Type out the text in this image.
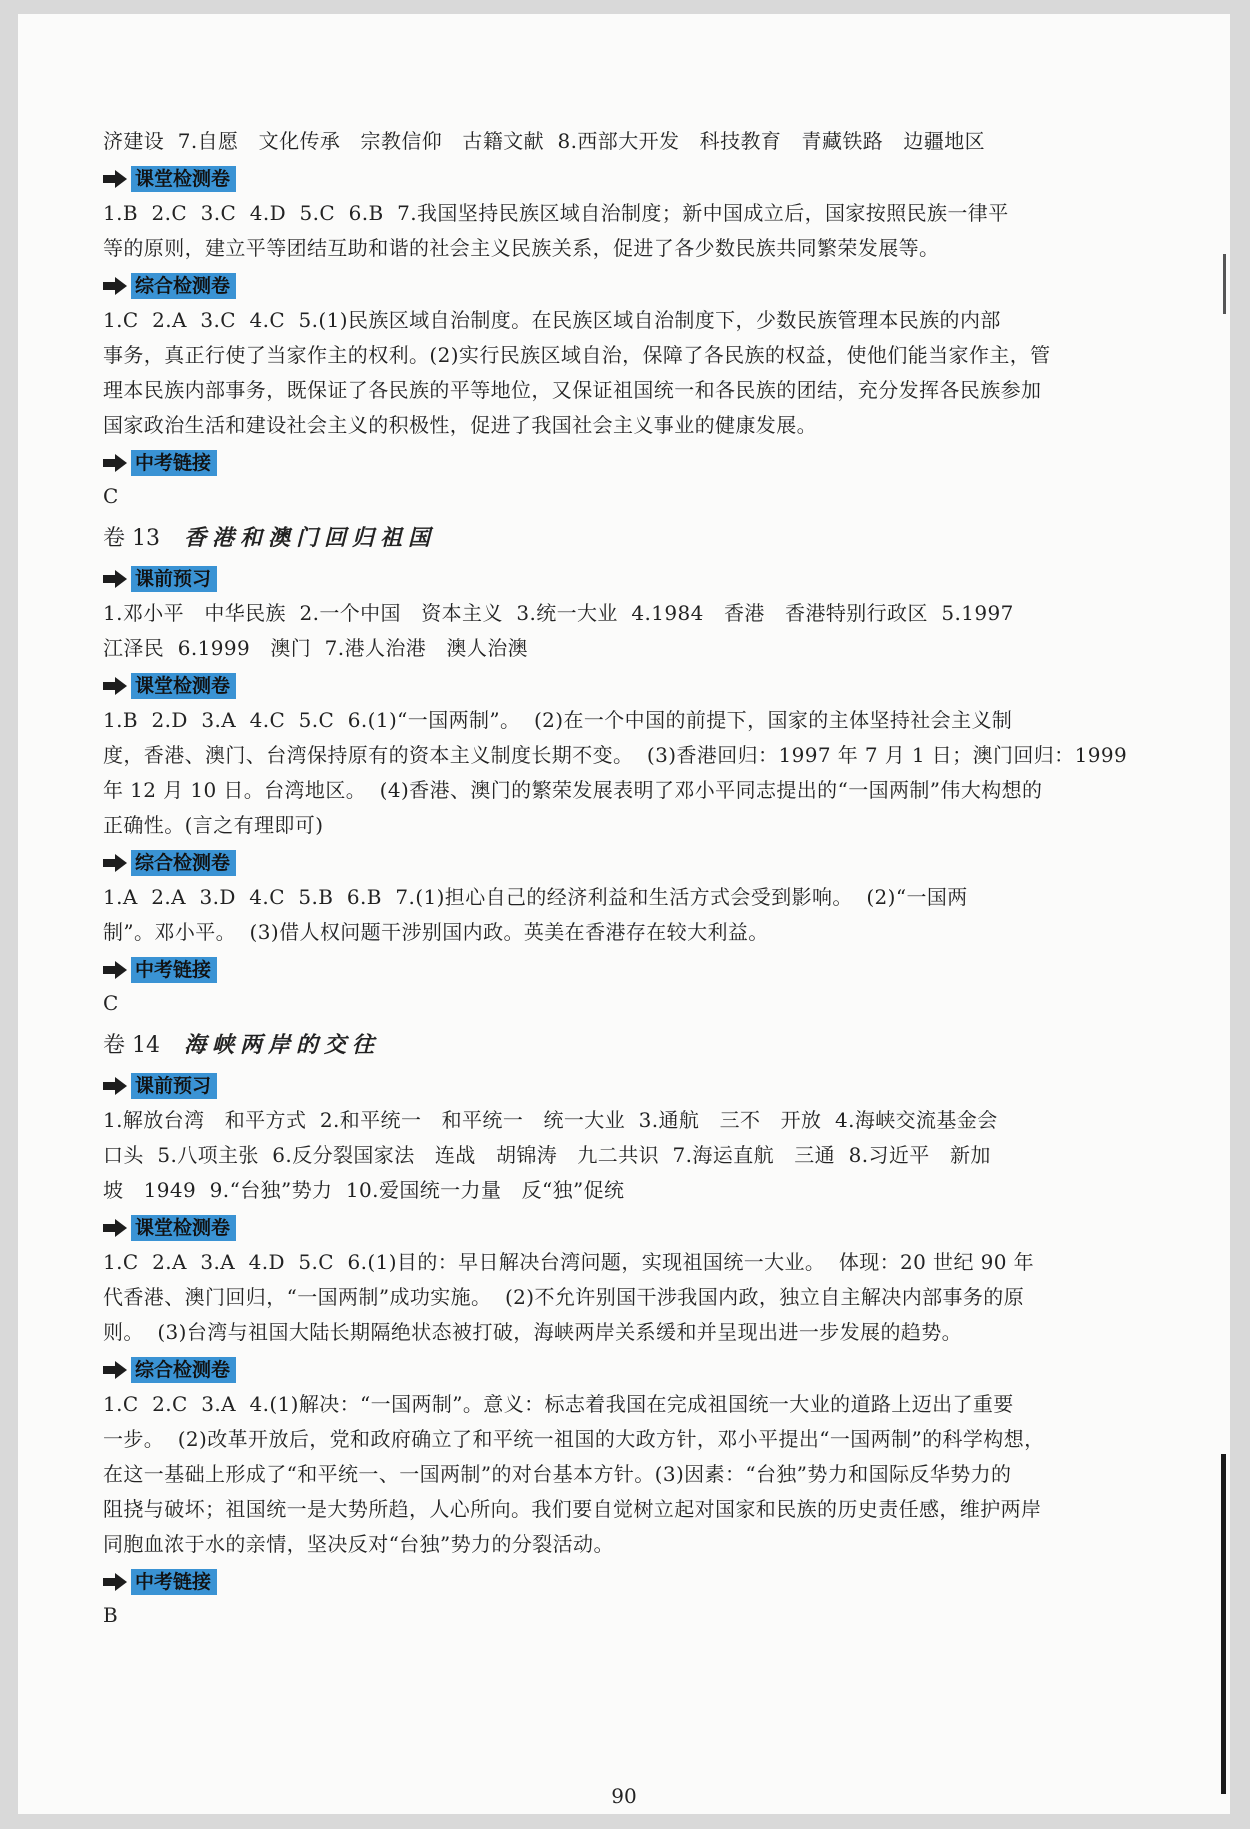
济建设  7.自愿   文化传承   宗教信仰   古籍文献  8.西部大开发   科技教育   青藏铁路   边疆地区
课堂检测卷
1.B  2.C  3.C  4.D  5.C  6.B  7.我国坚持民族区域自治制度；新中国成立后，国家按照民族一律平
等的原则，建立平等团结互助和谐的社会主义民族关系，促进了各少数民族共同繁荣发展等。
综合检测卷
1.C  2.A  3.C  4.C  5.(1)民族区域自治制度。在民族区域自治制度下，少数民族管理本民族的内部
事务，真正行使了当家作主的权利。(2)实行民族区域自治，保障了各民族的权益，使他们能当家作主，管
理本民族内部事务，既保证了各民族的平等地位，又保证祖国统一和各民族的团结，充分发挥各民族参加
国家政治生活和建设社会主义的积极性，促进了我国社会主义事业的健康发展。
中考链接
C
卷 13 香港和澳门回归祖国
课前预习
1.邓小平   中华民族  2.一个中国   资本主义  3.统一大业  4.1984   香港   香港特别行政区  5.1997
江泽民  6.1999   澳门  7.港人治港   澳人治澳
课堂检测卷
1.B  2.D  3.A  4.C  5.C  6.(1)“一国两制”。  (2)在一个中国的前提下，国家的主体坚持社会主义制
度，香港、澳门、台湾保持原有的资本主义制度长期不变。  (3)香港回归：1997 年 7 月 1 日；澳门回归：1999
年 12 月 10 日。台湾地区。  (4)香港、澳门的繁荣发展表明了邓小平同志提出的“一国两制”伟大构想的
正确性。(言之有理即可)
综合检测卷
1.A  2.A  3.D  4.C  5.B  6.B  7.(1)担心自己的经济利益和生活方式会受到影响。  (2)“一国两
制”。邓小平。  (3)借人权问题干涉别国内政。英美在香港存在较大利益。
中考链接
C
卷 14 海峡两岸的交往
课前预习
1.解放台湾   和平方式  2.和平统一   和平统一   统一大业  3.通航   三不   开放  4.海峡交流基金会
口头  5.八项主张  6.反分裂国家法   连战   胡锦涛   九二共识  7.海运直航   三通  8.习近平   新加
坡   1949  9.“台独”势力  10.爱国统一力量   反“独”促统
课堂检测卷
1.C  2.A  3.A  4.D  5.C  6.(1)目的：早日解决台湾问题，实现祖国统一大业。  体现：20 世纪 90 年
代香港、澳门回归，“一国两制”成功实施。  (2)不允许别国干涉我国内政，独立自主解决内部事务的原
则。  (3)台湾与祖国大陆长期隔绝状态被打破，海峡两岸关系缓和并呈现出进一步发展的趋势。
综合检测卷
1.C  2.C  3.A  4.(1)解决：“一国两制”。意义：标志着我国在完成祖国统一大业的道路上迈出了重要
一步。  (2)改革开放后，党和政府确立了和平统一祖国的大政方针，邓小平提出“一国两制”的科学构想，
在这一基础上形成了“和平统一、一国两制”的对台基本方针。(3)因素：“台独”势力和国际反华势力的
阻挠与破坏；祖国统一是大势所趋，人心所向。我们要自觉树立起对国家和民族的历史责任感，维护两岸
同胞血浓于水的亲情，坚决反对“台独”势力的分裂活动。
中考链接
B
90
